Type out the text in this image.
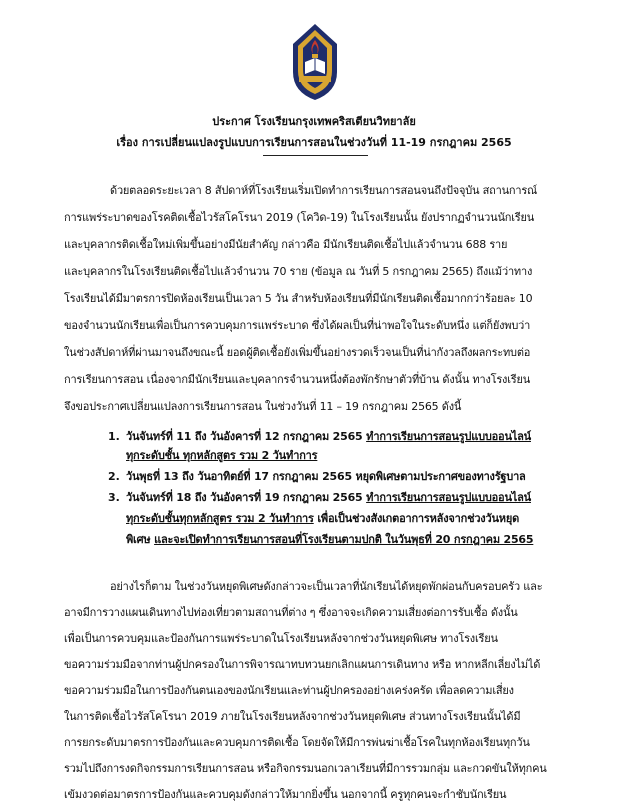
ประกาศ โรงเรียนกรุงเทพคริสเตียนวิทยาลัย
เรื่อง การเปลี่ยนแปลงรูปแบบการเรียนการสอนในช่วงวันที่ 11-19 กรกฎาคม 2565
ด้วยตลอดระยะเวลา 8 สัปดาห์ที่โรงเรียนเริ่มเปิดทำการเรียนการสอนจนถึงปัจจุบัน สถานการณ์
การแพร่ระบาดของโรคติดเชื้อไวรัสโคโรนา 2019 (โควิด-19) ในโรงเรียนนั้น ยังปรากฏจำนวนนักเรียน
และบุคลากรติดเชื้อใหม่เพิ่มขึ้นอย่างมีนัยสำคัญ กล่าวคือ มีนักเรียนติดเชื้อไปแล้วจำนวน 688 ราย
และบุคลากรในโรงเรียนติดเชื้อไปแล้วจำนวน 70 ราย (ข้อมูล ณ วันที่ 5 กรกฎาคม 2565) ถึงแม้ว่าทาง
โรงเรียนได้มีมาตรการปิดห้องเรียนเป็นเวลา 5 วัน สำหรับห้องเรียนที่มีนักเรียนติดเชื้อมากกว่าร้อยละ 10
ของจำนวนนักเรียนเพื่อเป็นการควบคุมการแพร่ระบาด ซึ่งได้ผลเป็นที่น่าพอใจในระดับหนึ่ง แต่ก็ยังพบว่า
ในช่วงสัปดาห์ที่ผ่านมาจนถึงขณะนี้ ยอดผู้ติดเชื้อยังเพิ่มขึ้นอย่างรวดเร็วจนเป็นที่น่ากังวลถึงผลกระทบต่อ
การเรียนการสอน เนื่องจากมีนักเรียนและบุคลากรจำนวนหนึ่งต้องพักรักษาตัวที่บ้าน ดังนั้น ทางโรงเรียน
จึงขอประกาศเปลี่ยนแปลงการเรียนการสอน ในช่วงวันที่ 11 – 19 กรกฎาคม 2565 ดังนี้
1. วันจันทร์ที่ 11 ถึง วันอังคารที่ 12 กรกฎาคม 2565 ทำการเรียนการสอนรูปแบบออนไลน์
ทุกระดับชั้น ทุกหลักสูตร รวม 2 วันทำการ
2. วันพุธที่ 13 ถึง วันอาทิตย์ที่ 17 กรกฎาคม 2565 หยุดพิเศษตามประกาศของทางรัฐบาล
3. วันจันทร์ที่ 18 ถึง วันอังคารที่ 19 กรกฎาคม 2565 ทำการเรียนการสอนรูปแบบออนไลน์
ทุกระดับชั้นทุกหลักสูตร รวม 2 วันทำการ เพื่อเป็นช่วงสังเกตอาการหลังจากช่วงวันหยุด
พิเศษ และจะเปิดทำการเรียนการสอนที่โรงเรียนตามปกติ ในวันพุธที่ 20 กรกฎาคม 2565
อย่างไรก็ตาม ในช่วงวันหยุดพิเศษดังกล่าวจะเป็นเวลาที่นักเรียนได้หยุดพักผ่อนกับครอบครัว และ
อาจมีการวางแผนเดินทางไปท่องเที่ยวตามสถานที่ต่าง ๆ ซึ่งอาจจะเกิดความเสี่ยงต่อการรับเชื้อ ดังนั้น
เพื่อเป็นการควบคุมและป้องกันการแพร่ระบาดในโรงเรียนหลังจากช่วงวันหยุดพิเศษ ทางโรงเรียน
ขอความร่วมมือจากท่านผู้ปกครองในการพิจารณาทบทวนยกเลิกแผนการเดินทาง หรือ หากหลีกเลี่ยงไม่ได้
ขอความร่วมมือในการป้องกันตนเองของนักเรียนและท่านผู้ปกครองอย่างเคร่งครัด เพื่อลดความเสี่ยง
ในการติดเชื้อไวรัสโคโรนา 2019 ภายในโรงเรียนหลังจากช่วงวันหยุดพิเศษ ส่วนทางโรงเรียนนั้นได้มี
การยกระดับมาตรการป้องกันและควบคุมการติดเชื้อ โดยจัดให้มีการพ่นฆ่าเชื้อโรคในทุกห้องเรียนทุกวัน
รวมไปถึงการงดกิจกรรมการเรียนการสอน หรือกิจกรรมนอกเวลาเรียนที่มีการรวมกลุ่ม และกวดขันให้ทุกคน
เข้มงวดต่อมาตรการป้องกันและควบคุมดังกล่าวให้มากยิ่งขึ้น นอกจากนี้ ครูทุกคนจะกำชับนักเรียน
